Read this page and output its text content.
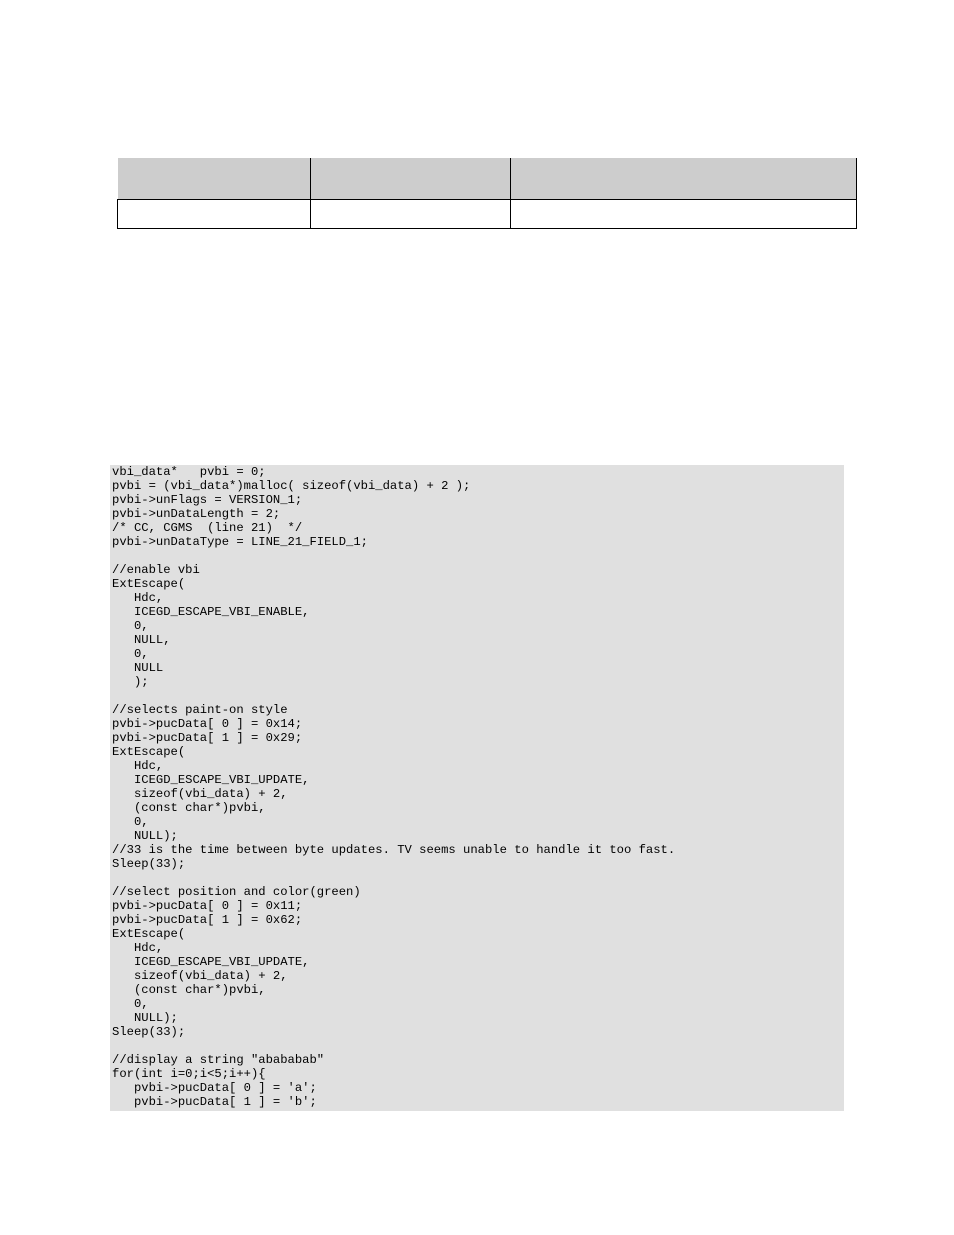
vbi_data*   pvbi = 0;
pvbi = (vbi_data*)malloc( sizeof(vbi_data) + 2 );
pvbi->unFlags = VERSION_1;
pvbi->unDataLength = 2;
/* CC, CGMS  (line 21)  */
pvbi->unDataType = LINE_21_FIELD_1;

//enable vbi
ExtEscape(
Hdc,
ICEGD_ESCAPE_VBI_ENABLE,
0,
NULL,
0,
NULL
);

//selects paint-on style
pvbi->pucData[ 0 ] = 0x14;
pvbi->pucData[ 1 ] = 0x29;
ExtEscape(
Hdc,
ICEGD_ESCAPE_VBI_UPDATE,
sizeof(vbi_data) + 2,
(const char*)pvbi,
0,
NULL);
//33 is the time between byte updates. TV seems unable to handle it too fast.
Sleep(33);

//select position and color(green)
pvbi->pucData[ 0 ] = 0x11;
pvbi->pucData[ 1 ] = 0x62;
ExtEscape(
Hdc,
ICEGD_ESCAPE_VBI_UPDATE,
sizeof(vbi_data) + 2,
(const char*)pvbi,
0,
NULL);
Sleep(33);

//display a string "abababab"
for(int i=0;i<5;i++){
pvbi->pucData[ 0 ] = 'a';
pvbi->pucData[ 1 ] = 'b';
